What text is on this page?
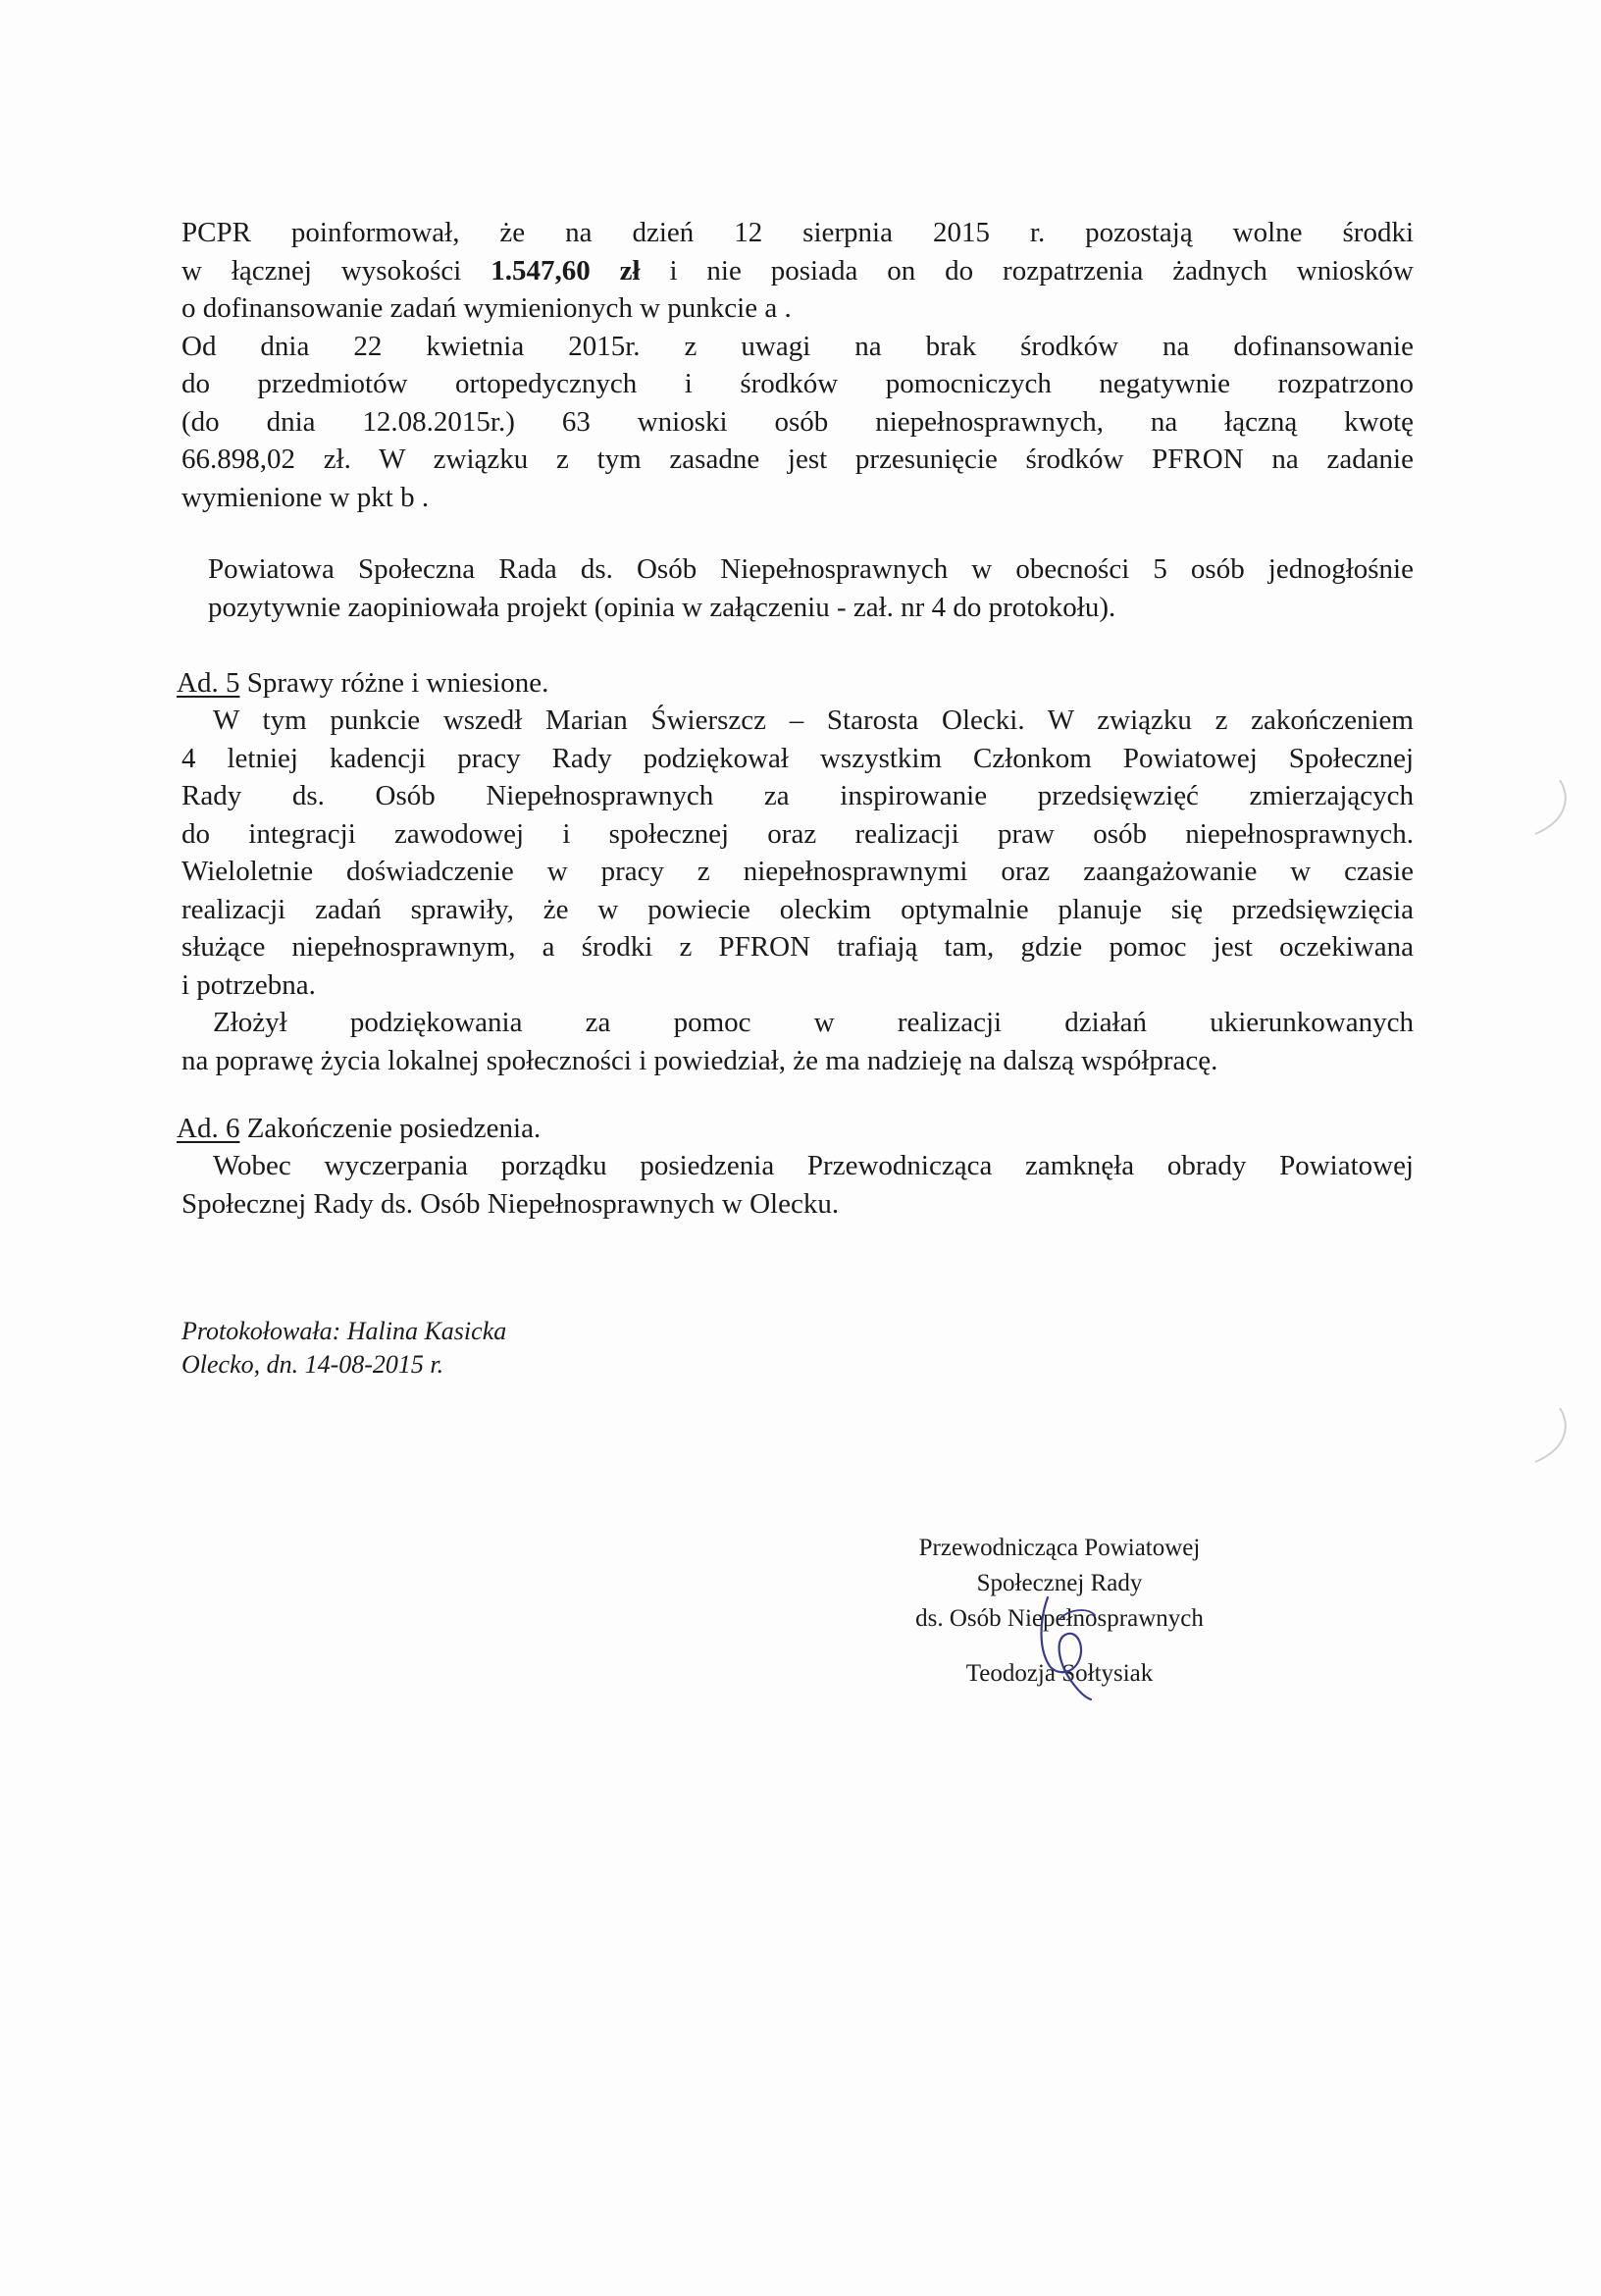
PCPR poinformował, że na dzień 12 sierpnia 2015 r. pozostają wolne środki
w łącznej wysokości 1.547,60 zł i nie posiada on do rozpatrzenia żadnych wniosków
o dofinansowanie zadań wymienionych w punkcie a .
Od dnia 22 kwietnia 2015r. z uwagi na brak środków na dofinansowanie
do przedmiotów ortopedycznych i środków pomocniczych negatywnie rozpatrzono
(do dnia 12.08.2015r.) 63 wnioski osób niepełnosprawnych, na łączną kwotę
66.898,02 zł. W związku z tym zasadne jest przesunięcie środków PFRON na zadanie
wymienione w pkt b .
Powiatowa Społeczna Rada ds. Osób Niepełnosprawnych w obecności 5 osób jednogłośnie
pozytywnie zaopiniowała projekt (opinia w załączeniu - zał. nr 4 do protokołu).
Ad. 5 Sprawy różne i wniesione.
W tym punkcie wszedł Marian Świerszcz – Starosta Olecki. W związku z zakończeniem
4 letniej kadencji pracy Rady podziękował wszystkim Członkom Powiatowej Społecznej
Rady ds. Osób Niepełnosprawnych za inspirowanie przedsięwzięć zmierzających
do integracji zawodowej i społecznej oraz realizacji praw osób niepełnosprawnych.
Wieloletnie doświadczenie w pracy z niepełnosprawnymi oraz zaangażowanie w czasie
realizacji zadań sprawiły, że w powiecie oleckim optymalnie planuje się przedsięwzięcia
służące niepełnosprawnym, a środki z PFRON trafiają tam, gdzie pomoc jest oczekiwana
i potrzebna.
Złożył podziękowania za pomoc w realizacji działań ukierunkowanych
na poprawę życia lokalnej społeczności i powiedział, że ma nadzieję na dalszą współpracę.
Ad. 6 Zakończenie posiedzenia.
Wobec wyczerpania porządku posiedzenia Przewodnicząca zamknęła obrady Powiatowej
Społecznej Rady ds. Osób Niepełnosprawnych w Olecku.
Protokołowała: Halina Kasicka
Olecko, dn. 14-08-2015 r.
Przewodnicząca Powiatowej
Społecznej Rady
ds. Osób Niepełnosprawnych
Teodozja Sołtysiak
